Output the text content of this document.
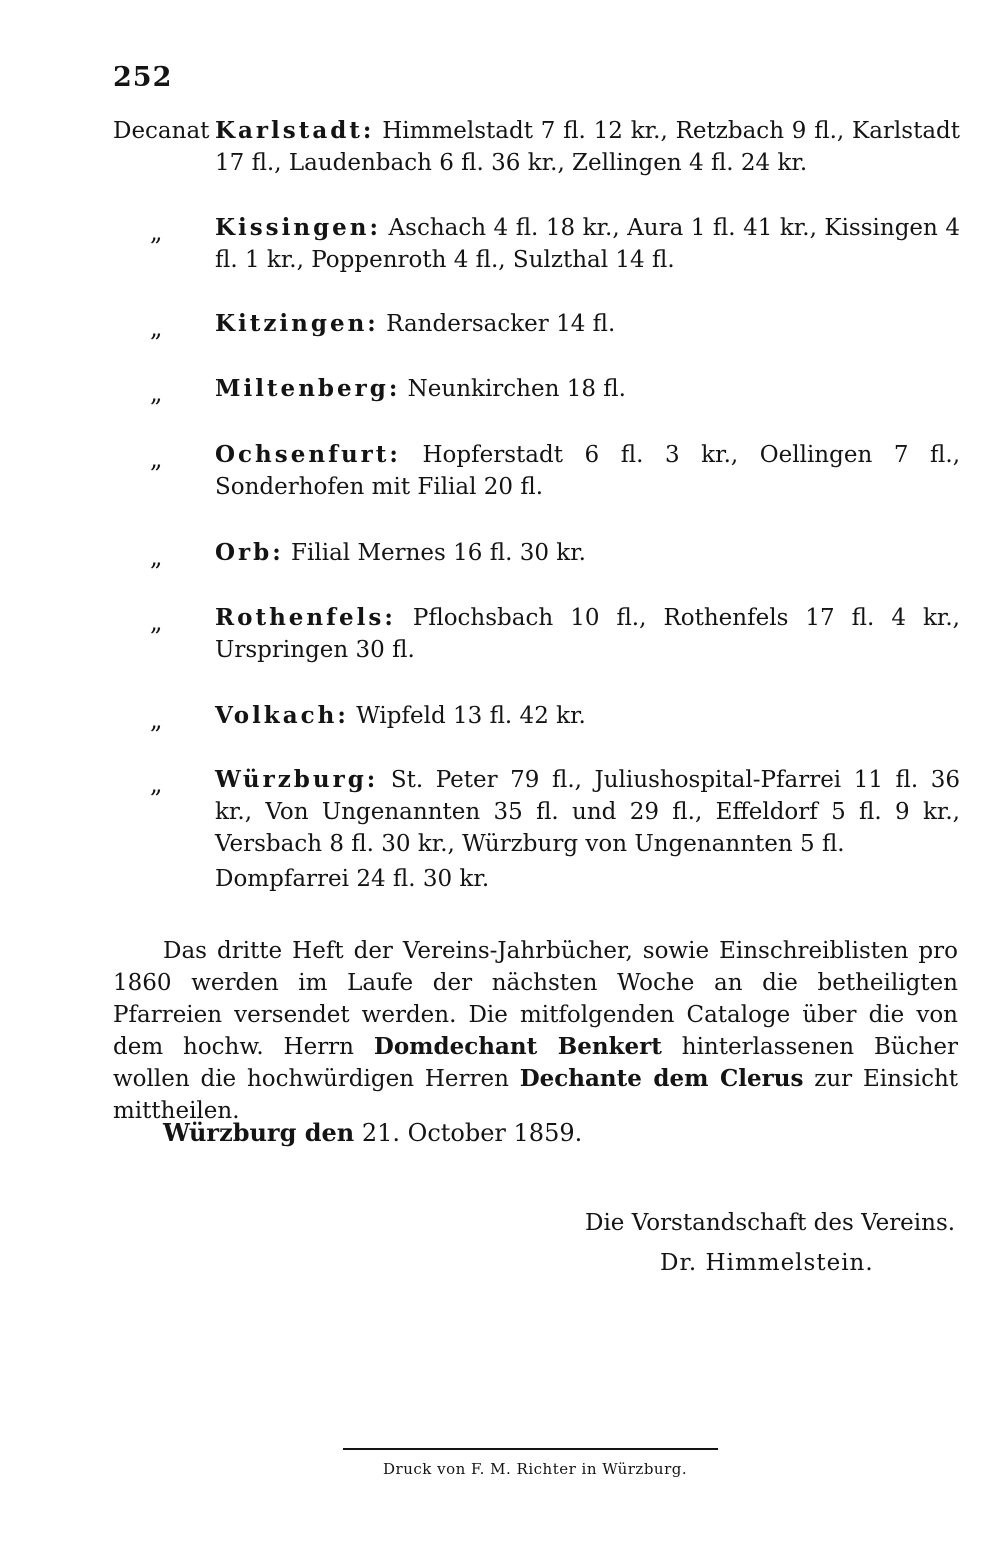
252
Decanat Karlstadt: Himmelstadt 7 fl. 12 kr., Retzbach 9 fl., Karlstadt 17 fl., Laudenbach 6 fl. 36 kr., Zellingen 4 fl. 24 kr.
„ Kissingen: Aschach 4 fl. 18 kr., Aura 1 fl. 41 kr., Kissingen 4 fl. 1 kr., Poppenroth 4 fl., Sulzthal 14 fl.
„ Kitzingen: Randersacker 14 fl.
„ Miltenberg: Neunkirchen 18 fl.
„ Ochsenfurt: Hopferstadt 6 fl. 3 kr., Oellingen 7 fl., Sonderhofen mit Filial 20 fl.
„ Orb: Filial Mernes 16 fl. 30 kr.
„ Rothenfels: Pflochsbach 10 fl., Rothenfels 17 fl. 4 kr., Urspringen 30 fl.
„ Volkach: Wipfeld 13 fl. 42 kr.
„ Würzburg: St. Peter 79 fl., Juliushospital-Pfarrei 11 fl. 36 kr., Von Ungenannten 35 fl. und 29 fl., Effeldorf 5 fl. 9 kr., Versbach 8 fl. 30 kr., Würzburg von Ungenannten 5 fl.
Dompfarrei 24 fl. 30 kr.
Das dritte Heft der Vereins-Jahrbücher, sowie Einschreiblisten pro 1860 werden im Laufe der nächsten Woche an die betheiligten Pfarreien versendet werden. Die mitfolgenden Cataloge über die von dem hochw. Herrn Domdechant Benkert hinterlassenen Bücher wollen die hochwürdigen Herren Dechante dem Clerus zur Einsicht mittheilen.
Würzburg den 21. October 1859.
Die Vorstandschaft des Vereins.
Dr. Himmelstein.
Druck von F. M. Richter in Würzburg.
